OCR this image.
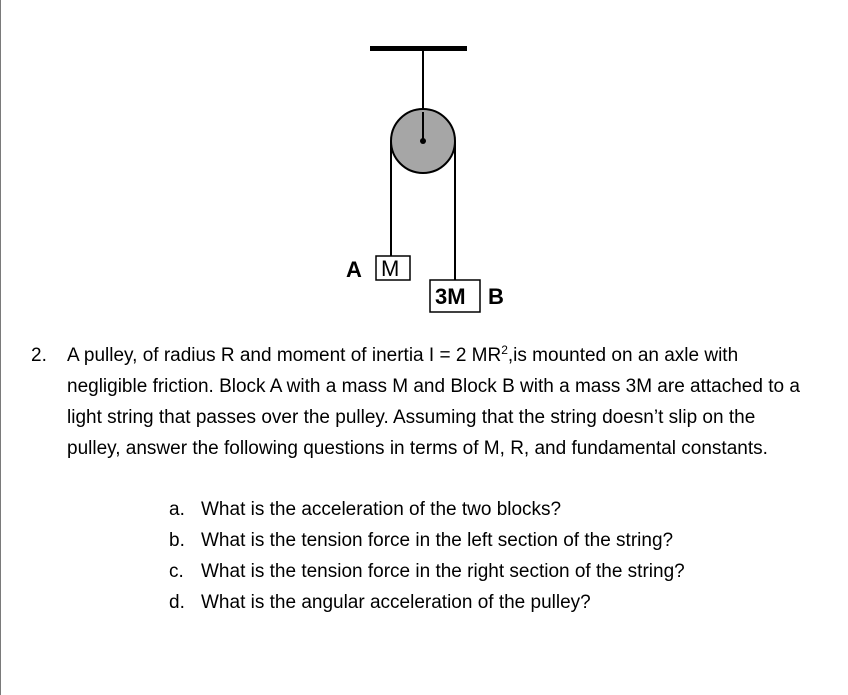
A M
3M B
2. A pulley, of radius R and moment of inertia I = 2 $MR^2,is$ mounted on an axle with
negligible friction. Block A with a mass M and Block B with a mass 3M are attached to a
light string that passes over the pulley. Assuming that the string doesn’t slip on the
pulley, answer the following questions in terms of M, R, and fundamental constants.
a. What is the acceleration of the two blocks?
b. What is the tension force in the left section of the string?
c. What is the tension force in the right section of the string?
d. What is the angular acceleration of the pulley?
